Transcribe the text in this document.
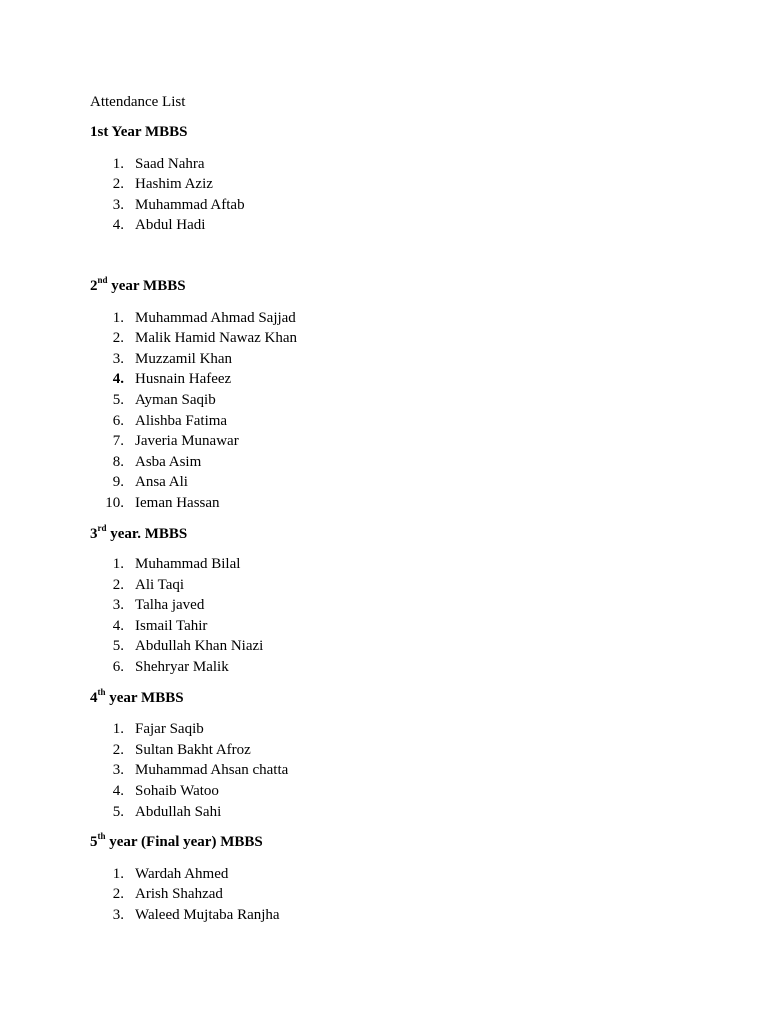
Attendance List

1st Year MBBS

1. Saad Nahra
2. Hashim Aziz
3. Muhammad Aftab
4. Abdul Hadi

2nd year MBBS

1. Muhammad Ahmad Sajjad
2. Malik Hamid Nawaz Khan
3. Muzzamil Khan
4. Husnain Hafeez
5. Ayman Saqib
6. Alishba Fatima
7. Javeria Munawar
8. Asba Asim
9. Ansa Ali
10. Ieman Hassan

3rd year. MBBS

1. Muhammad Bilal
2. Ali Taqi
3. Talha javed
4. Ismail Tahir
5. Abdullah Khan Niazi
6. Shehryar Malik

4th year MBBS

1. Fajar Saqib
2. Sultan Bakht Afroz
3. Muhammad Ahsan chatta
4. Sohaib Watoo
5. Abdullah Sahi

5th year (Final year) MBBS

1. Wardah Ahmed
2. Arish Shahzad
3. Waleed Mujtaba Ranjha
